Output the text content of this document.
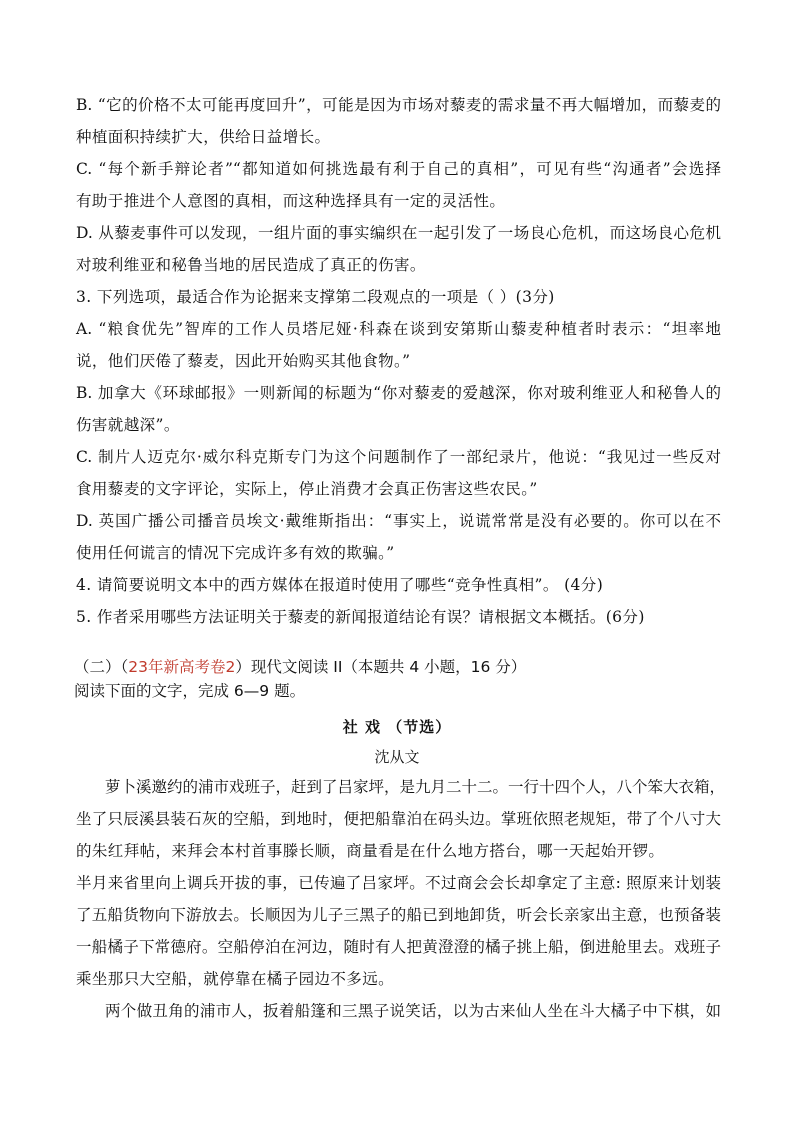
B. “它的价格不太可能再度回升”，可能是因为市场对藜麦的需求量不再大幅增加，而藜麦的
种植面积持续扩大，供给日益增长。
C. “每个新手辩论者”“都知道如何挑选最有利于自己的真相”，可见有些“沟通者”会选择
有助于推进个人意图的真相，而这种选择具有一定的灵活性。
D. 从藜麦事件可以发现，一组片面的事实编织在一起引发了一场良心危机，而这场良心危机
对玻利维亚和秘鲁当地的居民造成了真正的伤害。
3. 下列选项，最适合作为论据来支撑第二段观点的一项是（ ）(3分)
A. “粮食优先”智库的工作人员塔尼娅·科森在谈到安第斯山藜麦种植者时表示：“坦率地
说，他们厌倦了藜麦，因此开始购买其他食物。”
B. 加拿大《环球邮报》一则新闻的标题为“你对藜麦的爱越深，你对玻利维亚人和秘鲁人的
伤害就越深”。
C. 制片人迈克尔·威尔科克斯专门为这个问题制作了一部纪录片，他说：“我见过一些反对
食用藜麦的文字评论，实际上，停止消费才会真正伤害这些农民。”
D. 英国广播公司播音员埃文·戴维斯指出：“事实上，说谎常常是没有必要的。你可以在不
使用任何谎言的情况下完成许多有效的欺骗。”
4. 请简要说明文本中的西方媒体在报道时使用了哪些“竞争性真相”。 (4分)
5. 作者采用哪些方法证明关于藜麦的新闻报道结论有误？请根据文本概括。(6分)
（二）（23年新高考卷2）现代文阅读 II（本题共 4 小题，16 分）
阅读下面的文字，完成 6—9 题。
社 戏 （节选）
沈从文
萝卜溪邀约的浦市戏班子，赶到了吕家坪，是九月二十二。一行十四个人，八个笨大衣箱，
坐了只辰溪县装石灰的空船，到地时，便把船靠泊在码头边。掌班依照老规矩，带了个八寸大
的朱红拜帖，来拜会本村首事滕长顺，商量看是在什么地方搭台，哪一天起始开锣。
半月来省里向上调兵开拔的事，已传遍了吕家坪。不过商会会长却拿定了主意: 照原来计划装
了五船货物向下游放去。长顺因为儿子三黑子的船已到地卸货，听会长亲家出主意，也预备装
一船橘子下常德府。空船停泊在河边，随时有人把黄澄澄的橘子挑上船，倒进舱里去。戏班子
乘坐那只大空船，就停靠在橘子园边不多远。
两个做丑角的浦市人，扳着船篷和三黑子说笑话，以为古来仙人坐在斗大橘子中下棋，如
